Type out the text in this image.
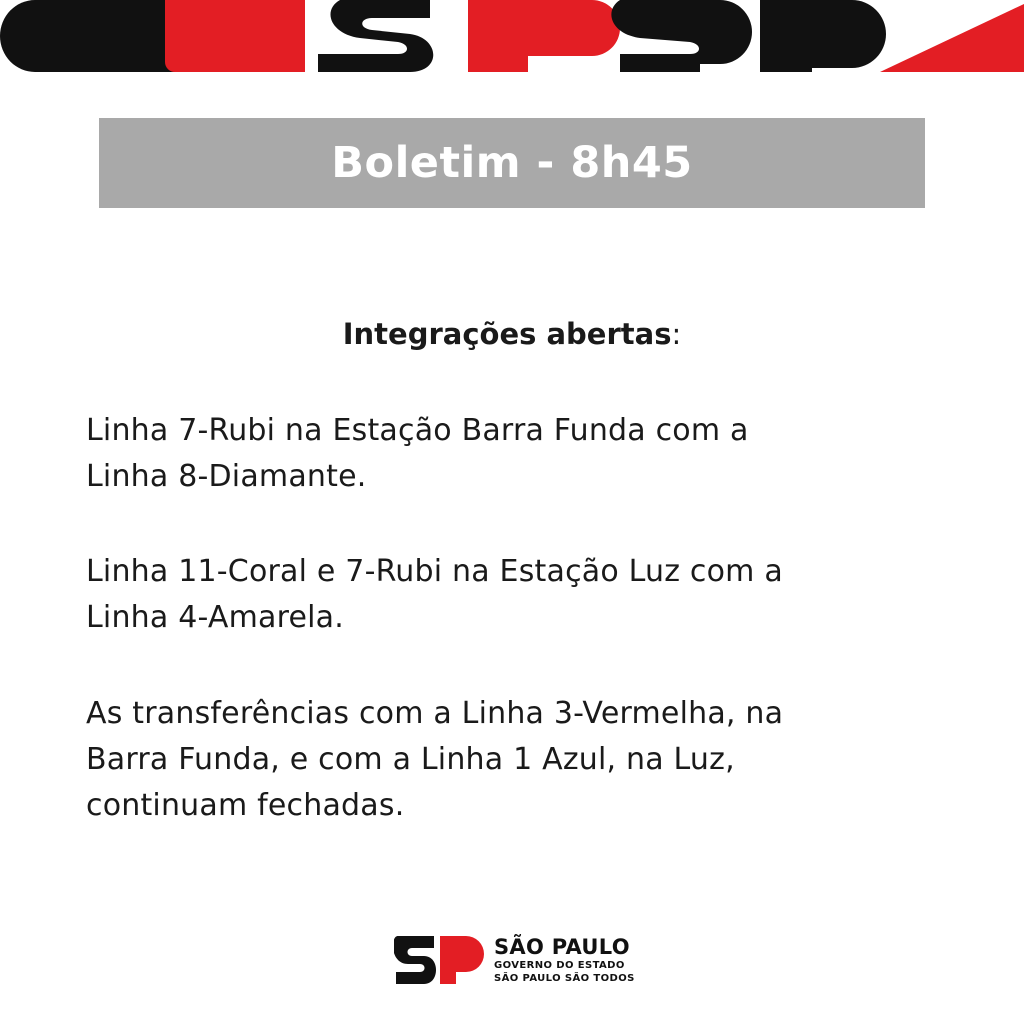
Boletim - 8h45
Integrações abertas:
Linha 7-Rubi na Estação Barra Funda com a
Linha 8-Diamante.
Linha 11-Coral e 7-Rubi na Estação Luz com a
Linha 4-Amarela.
As transferências com a Linha 3-Vermelha, na
Barra Funda, e com a Linha 1 Azul, na Luz,
continuam fechadas.
SÃO PAULO
GOVERNO DO ESTADO
SÃO PAULO SÃO TODOS
